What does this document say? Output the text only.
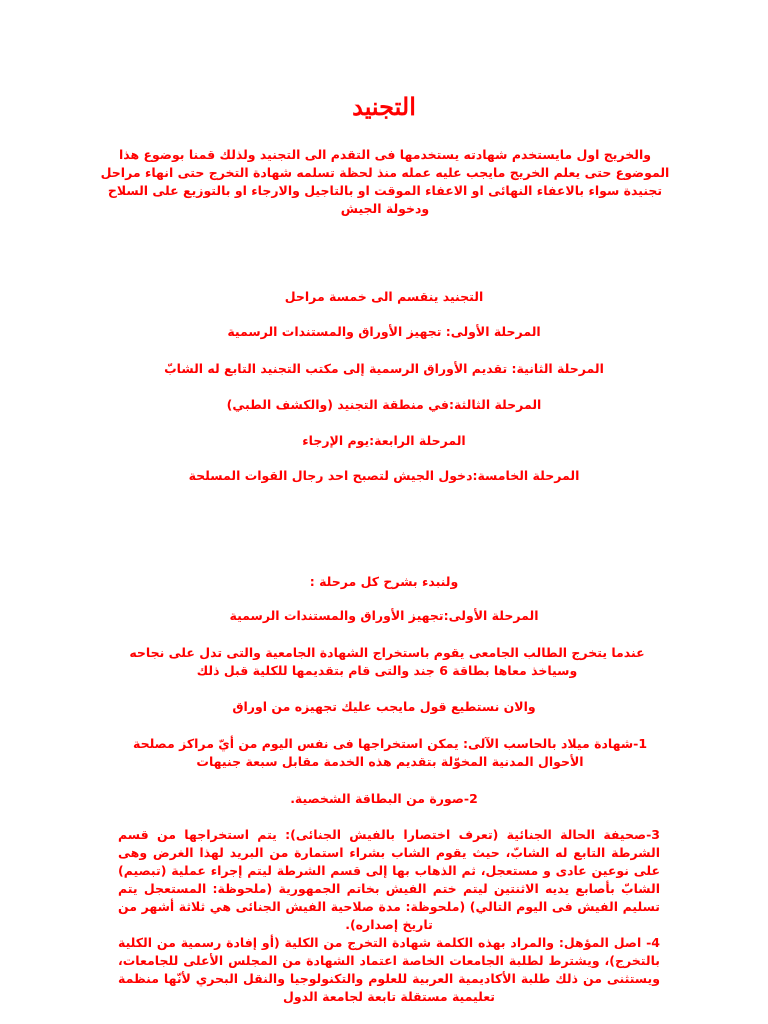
التجنيد

والخريج اول مايستخدم شهادته يستخدمها فى التقدم الى التجنيد ولذلك قمنا بوضوع هذا الموضوع حتى يعلم الخريج مايجب عليه عمله منذ لحظة تسلمه شهادة التخرج حتى انهاء مراحل تجنيدة سواء بالاعفاء النهائى او الاعفاء الموقت او بالتاجيل والارجاء او بالتوزيع على السلاح ودخولة الجيش

التجنيد ينقسم الى خمسة مراحل

المرحلة الأولى: تجهيز الأوراق والمستندات الرسمية

المرحلة الثانية: تقديم الأوراق الرسمية إلى مكتب التجنيد التابع له الشابّ

المرحلة الثالثة:في منطقة التجنيد (والكشف الطبي)

المرحلة الرابعة:يوم الإرجاء

المرحلة الخامسة:دخول الجيش لتصبح احد رجال القوات المسلحة

ولنبدء بشرح كل مرحلة :

المرحلة الأولى:تجهيز الأوراق والمستندات الرسمية

عندما يتخرج الطالب الجامعى يقوم باستخراج الشهادة الجامعية والتى تدل على نجاحه وسياخذ معاها بطاقة 6 جند والتى قام بتقديمها للكلية قبل ذلك

والان نستطيع قول مايجب عليك تجهيزه من اوراق

1-شهادة ميلاد بالحاسب الآلى: يمكن استخراجها فى نفس اليوم من أيّ مراكز مصلحة الأحوال المدنية المخوّلة بتقديم هذه الخدمة مقابل سبعة جنيهات

2-صورة من البطاقة الشخصية.

3-صحيفة الحالة الجنائية (تعرف اختصارا بالفيش الجنائى): يتم استخراجها من قسم الشرطة التابع له الشابّ، حيث يقوم الشاب بشراء استمارة من البريد لهذا الغرض وهى على نوعين عادى و مستعجل، ثم الذهاب بها إلى قسم الشرطة ليتم إجراء عملية (تبصيم) الشابّ بأصابع يديه الاثنتين ليتم ختم الفيش بخاتم الجمهورية (ملحوظة: المستعجل يتم تسليم الفيش فى اليوم التالي) (ملحوظة: مدة صلاحية الفيش الجنائى هي ثلاثة أشهر من تاريخ إصداره).

4- اصل المؤهل: والمراد بهذه الكلمة شهادة التخرج من الكلية (أو إفادة رسمية من الكلية بالتخرج)، ويشترط لطلبة الجامعات الخاصة اعتماد الشهادة من المجلس الأعلى للجامعات، ويستثنى من ذلك طلبة الأكاديمية العربية للعلوم والتكنولوجيا والنقل البحري لأنّها منظمة تعليمية مستقلة تابعة لجامعة الدول
